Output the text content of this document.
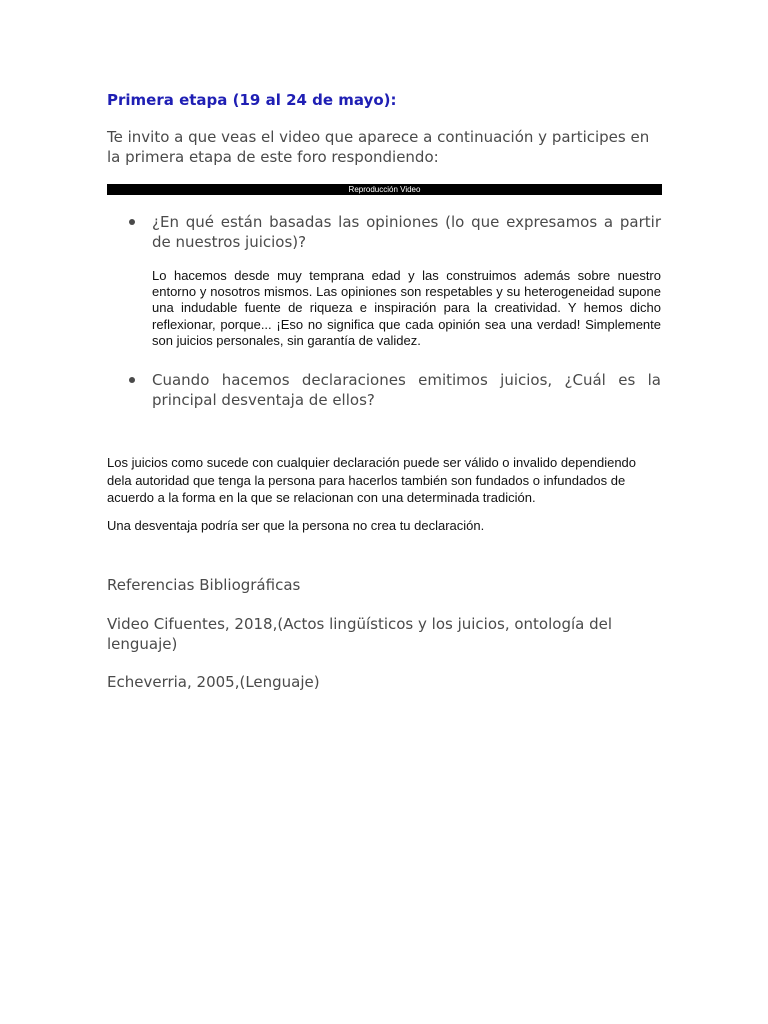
Primera etapa (19 al 24 de mayo):

Te invito a que veas el video que aparece a continuación y participes en la primera etapa de este foro respondiendo:

Reproducción Video

¿En qué están basadas las opiniones (lo que expresamos a partir de nuestros juicios)?

Lo hacemos desde muy temprana edad y las construimos además sobre nuestro entorno y nosotros mismos. Las opiniones son respetables y su heterogeneidad supone una indudable fuente de riqueza e inspiración para la creatividad. Y hemos dicho reflexionar, porque... ¡Eso no significa que cada opinión sea una verdad! Simplemente son juicios personales, sin garantía de validez.

Cuando hacemos declaraciones emitimos juicios, ¿Cuál es la principal desventaja de ellos?

Los juicios como sucede con cualquier declaración puede ser válido o invalido dependiendo dela autoridad que tenga la persona para hacerlos también son fundados o infundados de acuerdo a la forma en la que se relacionan con una determinada tradición.

Una desventaja podría ser que la persona no crea tu declaración.

Referencias Bibliográficas

Video Cifuentes, 2018,(Actos lingüísticos y los juicios, ontología del lenguaje)

Echeverria, 2005,(Lenguaje)
